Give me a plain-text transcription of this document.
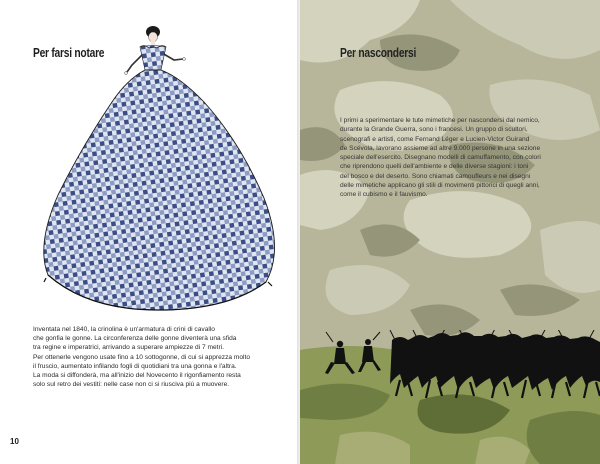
Per farsi notare

Inventata nel 1840, la crinolina è un'armatura di crini di cavallo
che gonfia le gonne. La circonferenza delle gonne diventerà una sfida
tra regine e imperatrici, arrivando a superare ampiezze di 7 metri.
Per ottenerle vengono usate fino a 10 sottogonne, di cui si apprezza molto
il fruscio, aumentato infilando fogli di quotidiani tra una gonna e l'altra.
La moda si diffonderà, ma all'inizio del Novecento il rigonfiamento resta
solo sul retro dei vestiti: nelle case non ci si riusciva più a muovere.

10
Per nascondersi

I primi a sperimentare le tute mimetiche per nascondersi dal nemico,
durante la Grande Guerra, sono i francesi. Un gruppo di scultori,
scenografi e artisti, come Fernand Léger e Lucien-Victor Guirand
de Scévola, lavorano assieme ad altre 9.000 persone in una sezione
speciale dell'esercito. Disegnano modelli di camuffamento, con colori
che riprendono quelli dell'ambiente e delle diverse stagioni: i toni
del bosco e del deserto. Sono chiamati camoufleurs e nei disegni
delle mimetiche applicano gli stili di movimenti pittorici di quegli anni,
come il cubismo e il fauvismo.
